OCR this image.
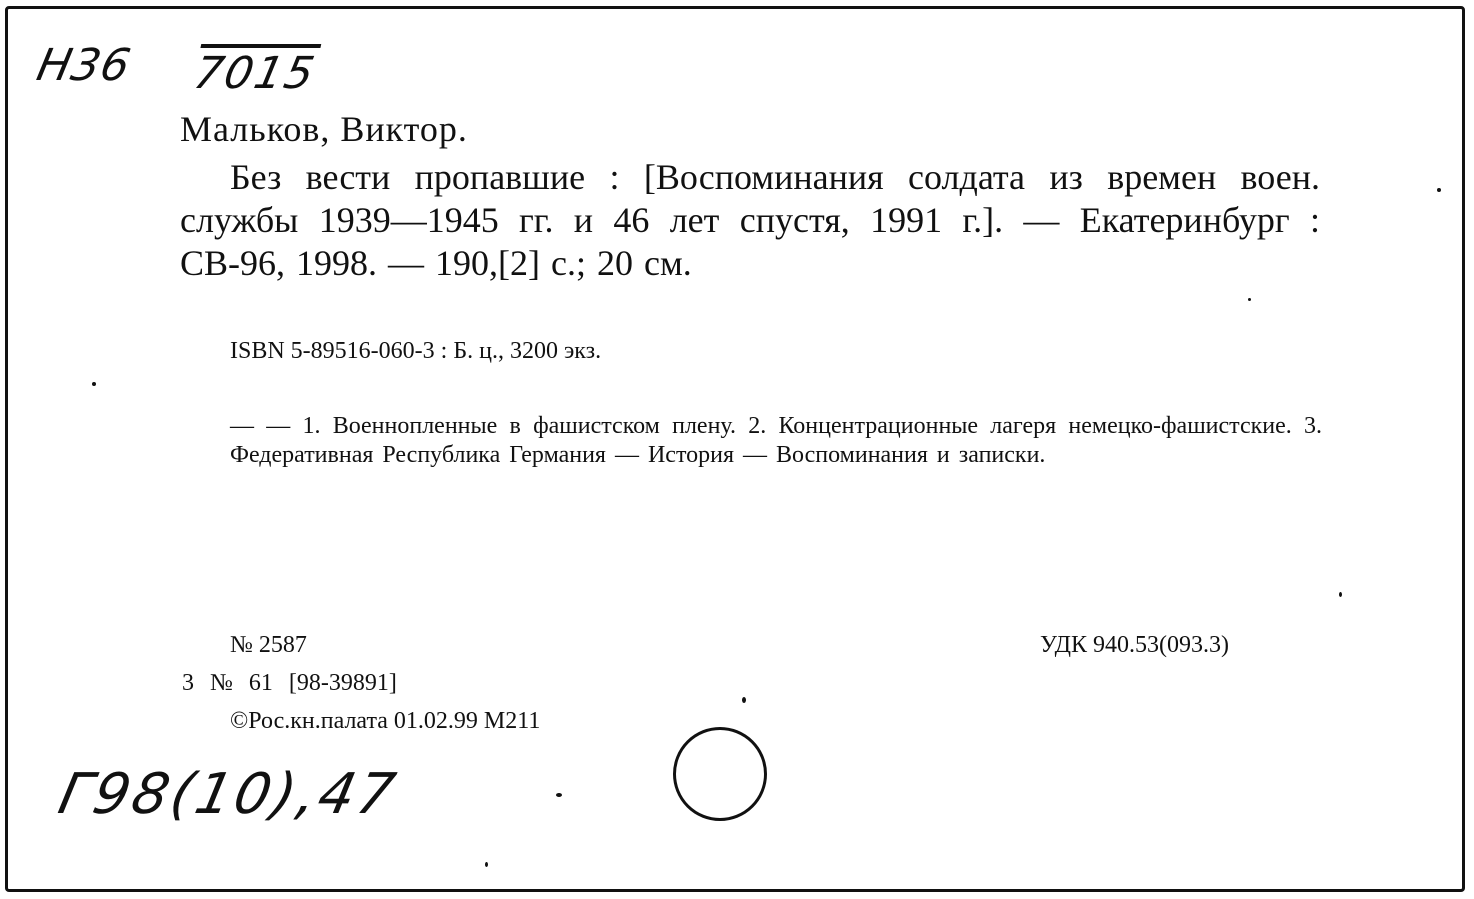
Н36 7015
Мальков, Виктор.
Без вести пропавшие : [Воспоминания солдата из времен воен. службы 1939—1945 гг. и 46 лет спустя, 1991 г.]. — Екатеринбург : СВ-96, 1998. — 190,[2] с.; 20 см.
ISBN 5-89516-060-3 : Б. ц., 3200 экз.
— — 1. Военнопленные в фашистском плену. 2. Концентрационные лагеря немецко-фашистские. 3. Федеративная Республика Германия — История — Воспоминания и записки.
№ 2587	УДК 940.53(093.3)
3 № 61 [98-39891]
©Рос.кн.палата 01.02.99 М211
Г98(10),47
